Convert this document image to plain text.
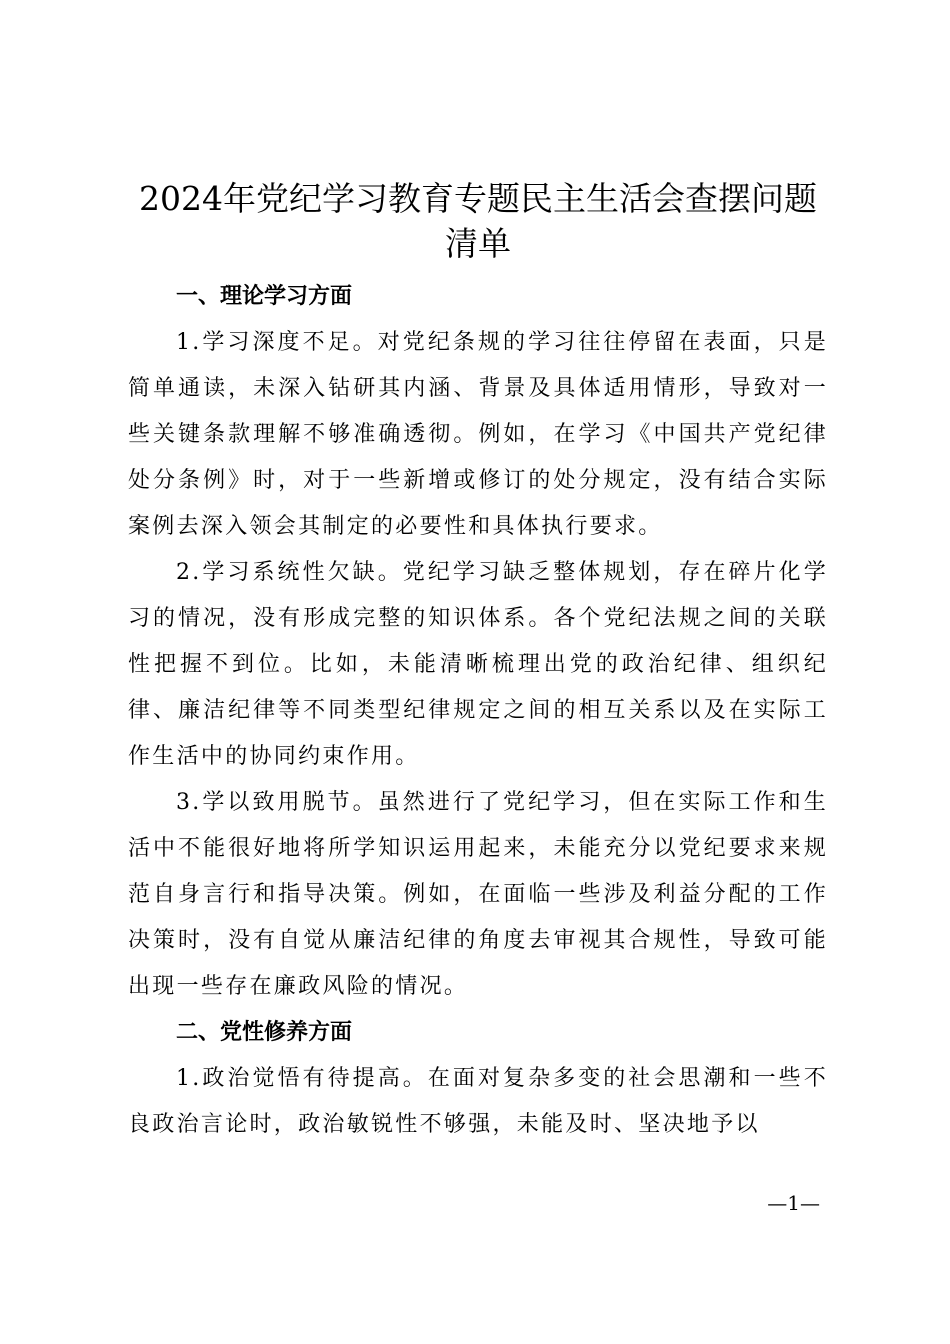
2024年党纪学习教育专题民主生活会查摆问题清单

一、理论学习方面

1.学习深度不足。对党纪条规的学习往往停留在表面，只是简单通读，未深入钻研其内涵、背景及具体适用情形，导致对一些关键条款理解不够准确透彻。例如，在学习《中国共产党纪律处分条例》时，对于一些新增或修订的处分规定，没有结合实际案例去深入领会其制定的必要性和具体执行要求。

2.学习系统性欠缺。党纪学习缺乏整体规划，存在碎片化学习的情况，没有形成完整的知识体系。各个党纪法规之间的关联性把握不到位。比如，未能清晰梳理出党的政治纪律、组织纪律、廉洁纪律等不同类型纪律规定之间的相互关系以及在实际工作生活中的协同约束作用。

3.学以致用脱节。虽然进行了党纪学习，但在实际工作和生活中不能很好地将所学知识运用起来，未能充分以党纪要求来规范自身言行和指导决策。例如，在面临一些涉及利益分配的工作决策时，没有自觉从廉洁纪律的角度去审视其合规性，导致可能出现一些存在廉政风险的情况。

二、党性修养方面

1.政治觉悟有待提高。在面对复杂多变的社会思潮和一些不良政治言论时，政治敏锐性不够强，未能及时、坚决地予以

—1—
